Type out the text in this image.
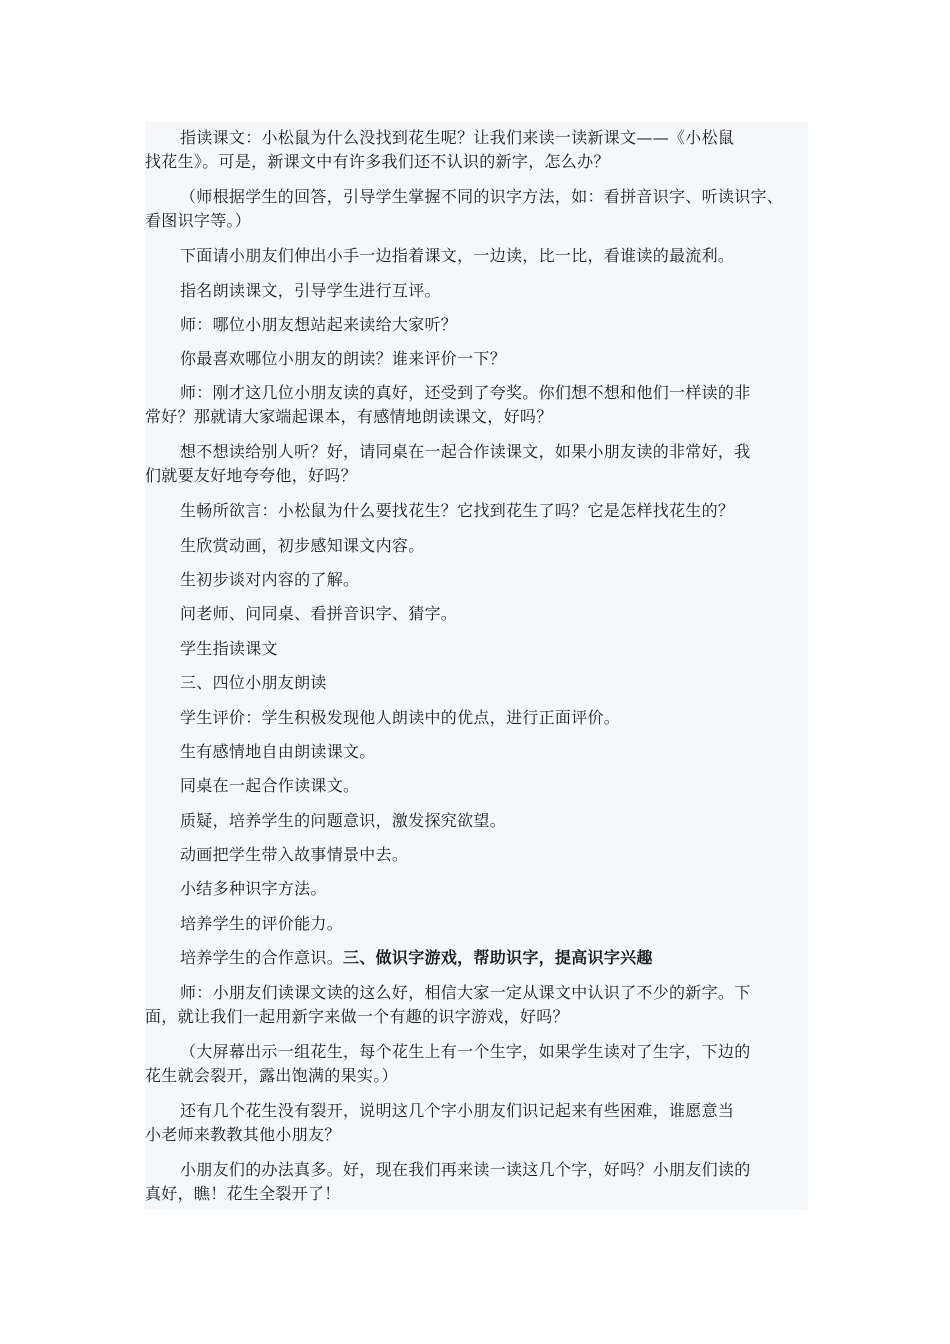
指读课文：小松鼠为什么没找到花生呢？让我们来读一读新课文——《小松鼠
找花生》。可是，新课文中有许多我们还不认识的新字，怎么办？
（师根据学生的回答，引导学生掌握不同的识字方法，如：看拼音识字、听读识字、
看图识字等。）
下面请小朋友们伸出小手一边指着课文，一边读，比一比，看谁读的最流利。
指名朗读课文，引导学生进行互评。
师：哪位小朋友想站起来读给大家听？
你最喜欢哪位小朋友的朗读？谁来评价一下？
师：刚才这几位小朋友读的真好，还受到了夸奖。你们想不想和他们一样读的非
常好？那就请大家端起课本，有感情地朗读课文，好吗？
想不想读给别人听？好，请同桌在一起合作读课文，如果小朋友读的非常好，我
们就要友好地夸夸他，好吗？
生畅所欲言：小松鼠为什么要找花生？它找到花生了吗？它是怎样找花生的？
生欣赏动画，初步感知课文内容。
生初步谈对内容的了解。
问老师、问同桌、看拼音识字、猜字。
学生指读课文
三、四位小朋友朗读
学生评价：学生积极发现他人朗读中的优点，进行正面评价。
生有感情地自由朗读课文。
同桌在一起合作读课文。
质疑，培养学生的问题意识，激发探究欲望。
动画把学生带入故事情景中去。
小结多种识字方法。
培养学生的评价能力。
培养学生的合作意识。三、做识字游戏，帮助识字，提高识字兴趣
师：小朋友们读课文读的这么好，相信大家一定从课文中认识了不少的新字。下
面，就让我们一起用新字来做一个有趣的识字游戏，好吗？
（大屏幕出示一组花生，每个花生上有一个生字，如果学生读对了生字，下边的
花生就会裂开，露出饱满的果实。）
还有几个花生没有裂开，说明这几个字小朋友们识记起来有些困难，谁愿意当
小老师来教教其他小朋友？
小朋友们的办法真多。好，现在我们再来读一读这几个字，好吗？小朋友们读的
真好，瞧！花生全裂开了！
